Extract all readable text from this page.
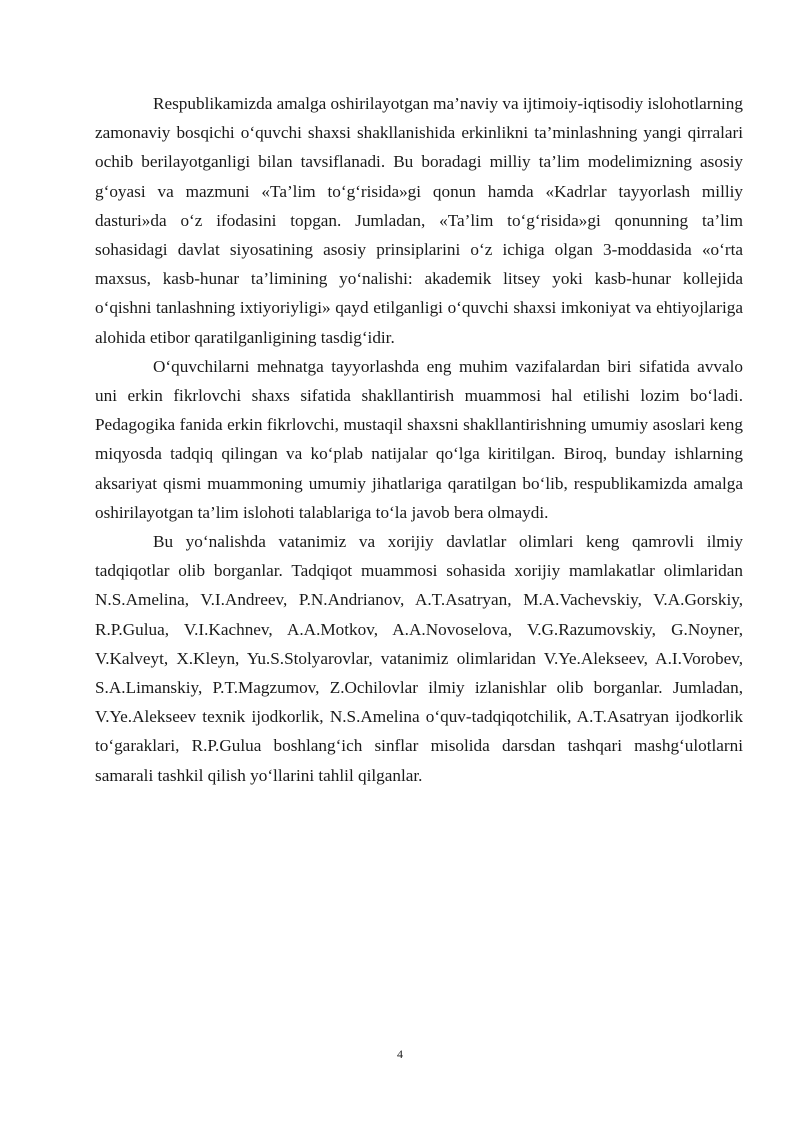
Respublikamizda amalga oshirilayotgan ma’naviy va ijtimoiy-iqtisodiy islohotlarning zamonaviy bosqichi o‘quvchi shaxsi shakllanishida erkinlikni ta’minlashning yangi qirralari ochib berilayotganligi bilan tavsiflanadi. Bu boradagi milliy ta’lim modelimizning asosiy g‘oyasi va mazmuni «Ta’lim to‘g‘risida»gi qonun hamda «Kadrlar tayyorlash milliy dasturi»da o‘z ifodasini topgan. Jumladan, «Ta’lim to‘g‘risida»gi qonunning ta’lim sohasidagi davlat siyosatining asosiy prinsiplarini o‘z ichiga olgan 3-moddasida «o‘rta maxsus, kasb-hunar ta’limining yo‘nalishi: akademik litsey yoki kasb-hunar kollejida o‘qishni tanlashning ixtiyoriyligi» qayd etilganligi o‘quvchi shaxsi imkoniyat va ehtiyojlariga alohida etibor qaratilganligining tasdig‘idir.

O‘quvchilarni mehnatga tayyorlashda eng muhim vazifalardan biri sifatida avvalo uni erkin fikrlovchi shaxs sifatida shakllantirish muammosi hal etilishi lozim bo‘ladi. Pedagogika fanida erkin fikrlovchi, mustaqil shaxsni shakllantirishning umumiy asoslari keng miqyosda tadqiq qilingan va ko‘plab natijalar qo‘lga kiritilgan. Biroq, bunday ishlarning aksariyat qismi muammoning umumiy jihatlariga qaratilgan bo‘lib, respublikamizda amalga oshirilayotgan ta’lim islohoti talablariga to‘la javob bera olmaydi.

Bu yo‘nalishda vatanimiz va xorijiy davlatlar olimlari keng qamrovli ilmiy tadqiqotlar olib borganlar. Tadqiqot muammosi sohasida xorijiy mamlakatlar olimlaridan N.S.Amelina, V.I.Andreev, P.N.Andrianov, A.T.Asatryan, M.A.Vachevskiy, V.A.Gorskiy, R.P.Gulua, V.I.Kachnev, A.A.Motkov, A.A.Novoselova, V.G.Razumovskiy, G.Noyner, V.Kalveyt, X.Kleyn, Yu.S.Stolyarovlar, vatanimiz olimlaridan V.Ye.Alekseev, A.I.Vorobev, S.A.Limanskiy, P.T.Magzumov, Z.Ochilovlar ilmiy izlanishlar olib borganlar. Jumladan, V.Ye.Alekseev texnik ijodkorlik, N.S.Amelina o‘quv-tadqiqotchilik, A.T.Asatryan ijodkorlik to‘garaklari, R.P.Gulua boshlang‘ich sinflar misolida darsdan tashqari mashg‘ulotlarni samarali tashkil qilish yo‘llarini tahlil qilganlar.

4
